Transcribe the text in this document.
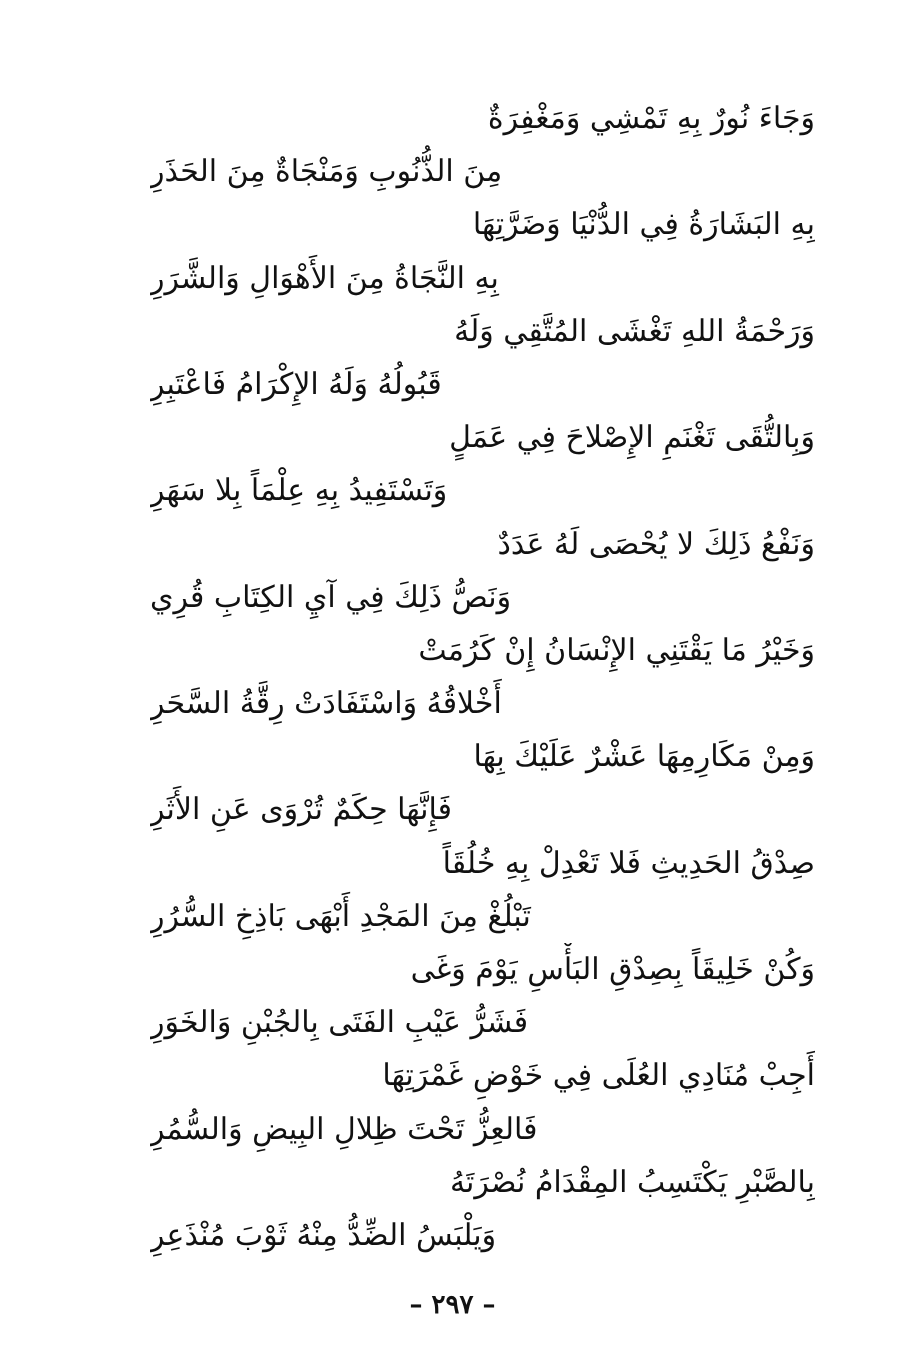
وَجَاءَ نُورٌ بِهِ تَمْشِي وَمَغْفِرَةٌ
مِنَ الذُّنُوبِ وَمَنْجَاةٌ مِنَ الحَذَرِ
بِهِ البَشَارَةُ فِي الدُّنْيَا وَضَرَّتِهَا
بِهِ النَّجَاةُ مِنَ الأَهْوَالِ وَالشَّرَرِ
وَرَحْمَةُ اللهِ تَغْشَى المُتَّقِي وَلَهُ
قَبُولُهُ وَلَهُ الإِكْرَامُ فَاعْتَبِرِ
وَبِالتُّقَى تَغْنَمِ الإِصْلاحَ فِي عَمَلٍ
وَتَسْتَفِيدُ بِهِ عِلْمَاً بِلا سَهَرِ
وَنَفْعُ ذَلِكَ لا يُحْصَى لَهُ عَدَدٌ
وَنَصُّ ذَلِكَ فِي آيِ الكِتَابِ قُرِي
وَخَيْرُ مَا يَقْتَنِي الإِنْسَانُ إِنْ كَرُمَتْ
أَخْلاقُهُ وَاسْتَفَادَتْ رِقَّةُ السَّحَرِ
وَمِنْ مَكَارِمِهَا عَشْرٌ عَلَيْكَ بِهَا
فَإِنَّهَا حِكَمٌ تُرْوَى عَنِ الأَثَرِ
صِدْقُ الحَدِيثِ فَلا تَعْدِلْ بِهِ خُلُقَاً
تَبْلُغْ مِنَ المَجْدِ أَبْهَى بَاذِخِ السُّرُرِ
وَكُنْ خَلِيقَاً بِصِدْقِ البَأْسِ يَوْمَ وَغَى
فَشَرُّ عَيْبِ الفَتَى بِالجُبْنِ وَالخَوَرِ
أَجِبْ مُنَادِي العُلَى فِي خَوْضِ غَمْرَتِهَا
فَالعِزُّ تَحْتَ ظِلالِ البِيضِ وَالسُّمُرِ
بِالصَّبْرِ يَكْتَسِبُ المِقْدَامُ نُصْرَتَهُ
وَيَلْبَسُ الضِّدُّ مِنْهُ ثَوْبَ مُنْذَعِرِ
– ٢٩٧ –
